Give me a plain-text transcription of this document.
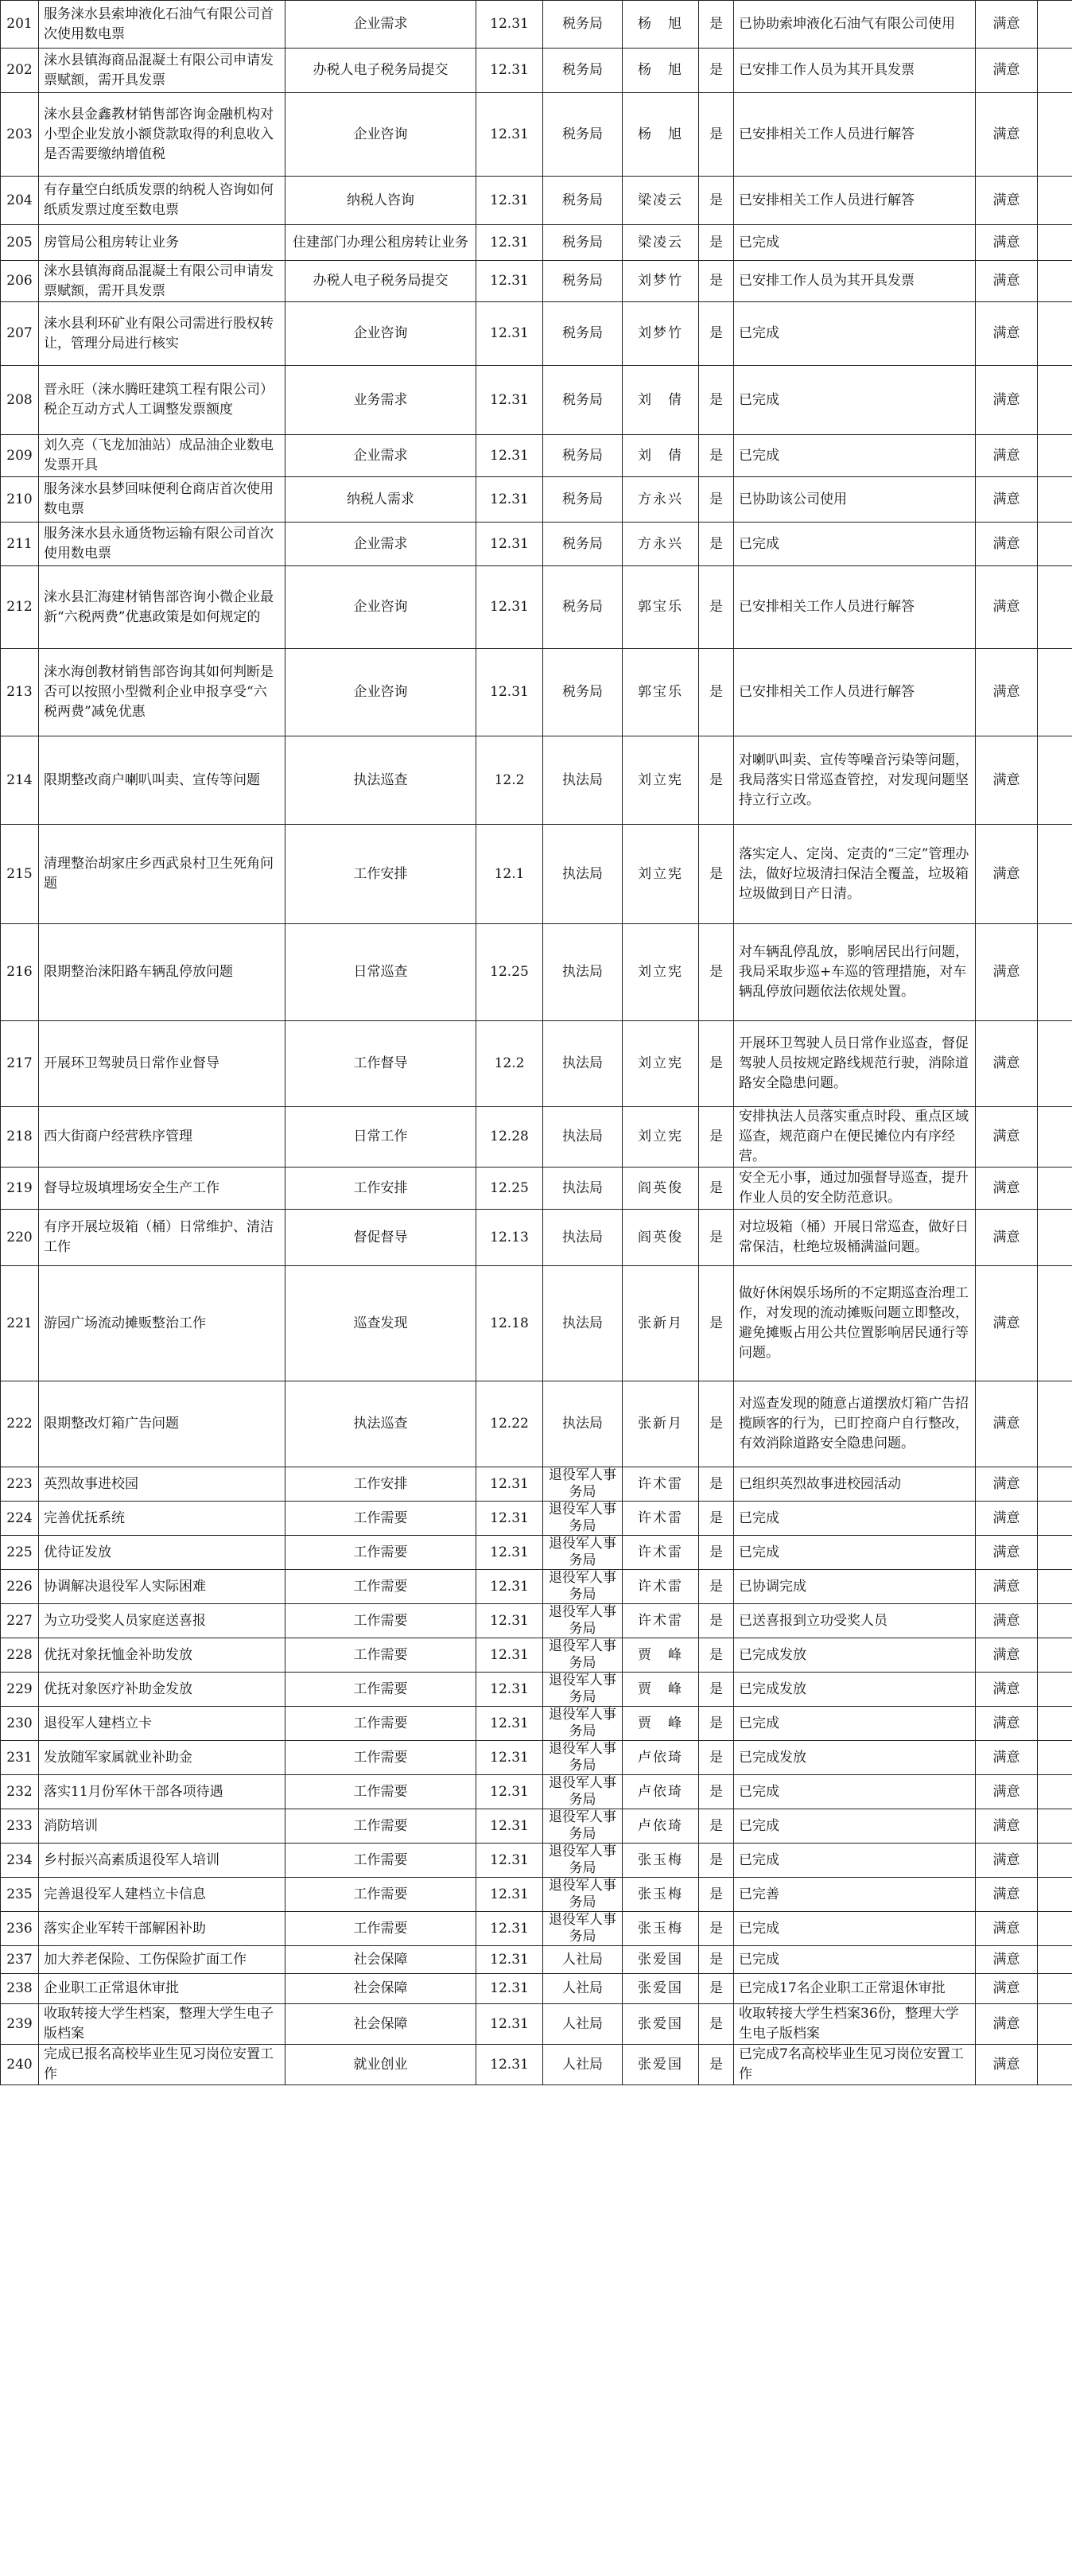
201	服务涞水县索坤液化石油气有限公司首次使用数电票	企业需求	12.31	税务局	杨　旭	是	已协助索坤液化石油气有限公司使用	满意	
202	涞水县镇海商品混凝土有限公司申请发票赋额，需开具发票	办税人电子税务局提交	12.31	税务局	杨　旭	是	已安排工作人员为其开具发票	满意	
203	涞水县金鑫教材销售部咨询金融机构对小型企业发放小额贷款取得的利息收入是否需要缴纳增值税	企业咨询	12.31	税务局	杨　旭	是	已安排相关工作人员进行解答	满意	
204	有存量空白纸质发票的纳税人咨询如何纸质发票过度至数电票	纳税人咨询	12.31	税务局	梁凌云	是	已安排相关工作人员进行解答	满意	
205	房管局公租房转让业务	住建部门办理公租房转让业务	12.31	税务局	梁凌云	是	已完成	满意	
206	涞水县镇海商品混凝土有限公司申请发票赋额，需开具发票	办税人电子税务局提交	12.31	税务局	刘梦竹	是	已安排工作人员为其开具发票	满意	
207	涞水县利环矿业有限公司需进行股权转让，管理分局进行核实	企业咨询	12.31	税务局	刘梦竹	是	已完成	满意	
208	晋永旺（涞水腾旺建筑工程有限公司）税企互动方式人工调整发票额度	业务需求	12.31	税务局	刘　倩	是	已完成	满意	
209	刘久亮（飞龙加油站）成品油企业数电发票开具	企业需求	12.31	税务局	刘　倩	是	已完成	满意	
210	服务涞水县梦回味便利仓商店首次使用数电票	纳税人需求	12.31	税务局	方永兴	是	已协助该公司使用	满意	
211	服务涞水县永通货物运输有限公司首次使用数电票	企业需求	12.31	税务局	方永兴	是	已完成	满意	
212	涞水县汇海建材销售部咨询小微企业最新“六税两费”优惠政策是如何规定的	企业咨询	12.31	税务局	郭宝乐	是	已安排相关工作人员进行解答	满意	
213	涞水海创教材销售部咨询其如何判断是否可以按照小型微利企业申报享受“六税两费”减免优惠	企业咨询	12.31	税务局	郭宝乐	是	已安排相关工作人员进行解答	满意	
214	限期整改商户喇叭叫卖、宣传等问题	执法巡查	12.2	执法局	刘立宪	是	对喇叭叫卖、宣传等噪音污染等问题，我局落实日常巡查管控，对发现问题坚持立行立改。	满意	
215	清理整治胡家庄乡西武泉村卫生死角问题	工作安排	12.1	执法局	刘立宪	是	落实定人、定岗、定责的“三定”管理办法，做好垃圾清扫保洁全覆盖，垃圾箱垃圾做到日产日清。	满意	
216	限期整治涞阳路车辆乱停放问题	日常巡查	12.25	执法局	刘立宪	是	对车辆乱停乱放，影响居民出行问题，我局采取步巡+车巡的管理措施，对车辆乱停放问题依法依规处置。	满意	
217	开展环卫驾驶员日常作业督导	工作督导	12.2	执法局	刘立宪	是	开展环卫驾驶人员日常作业巡查，督促驾驶人员按规定路线规范行驶，消除道路安全隐患问题。	满意	
218	西大街商户经营秩序管理	日常工作	12.28	执法局	刘立宪	是	安排执法人员落实重点时段、重点区域巡查，规范商户在便民摊位内有序经营。	满意	
219	督导垃圾填埋场安全生产工作	工作安排	12.25	执法局	阎英俊	是	安全无小事，通过加强督导巡查，提升作业人员的安全防范意识。	满意	
220	有序开展垃圾箱（桶）日常维护、清洁工作	督促督导	12.13	执法局	阎英俊	是	对垃圾箱（桶）开展日常巡查，做好日常保洁，杜绝垃圾桶满溢问题。	满意	
221	游园广场流动摊贩整治工作	巡查发现	12.18	执法局	张新月	是	做好休闲娱乐场所的不定期巡查治理工作，对发现的流动摊贩问题立即整改，避免摊贩占用公共位置影响居民通行等问题。	满意	
222	限期整改灯箱广告问题	执法巡查	12.22	执法局	张新月	是	对巡查发现的随意占道摆放灯箱广告招揽顾客的行为，已盯控商户自行整改，有效消除道路安全隐患问题。	满意	
223	英烈故事进校园	工作安排	12.31	退役军人事务局	许术雷	是	已组织英烈故事进校园活动	满意	
224	完善优抚系统	工作需要	12.31	退役军人事务局	许术雷	是	已完成	满意	
225	优待证发放	工作需要	12.31	退役军人事务局	许术雷	是	已完成	满意	
226	协调解决退役军人实际困难	工作需要	12.31	退役军人事务局	许术雷	是	已协调完成	满意	
227	为立功受奖人员家庭送喜报	工作需要	12.31	退役军人事务局	许术雷	是	已送喜报到立功受奖人员	满意	
228	优抚对象抚恤金补助发放	工作需要	12.31	退役军人事务局	贾　峰	是	已完成发放	满意	
229	优抚对象医疗补助金发放	工作需要	12.31	退役军人事务局	贾　峰	是	已完成发放	满意	
230	退役军人建档立卡	工作需要	12.31	退役军人事务局	贾　峰	是	已完成	满意	
231	发放随军家属就业补助金	工作需要	12.31	退役军人事务局	卢依琦	是	已完成发放	满意	
232	落实11月份军休干部各项待遇	工作需要	12.31	退役军人事务局	卢依琦	是	已完成	满意	
233	消防培训	工作需要	12.31	退役军人事务局	卢依琦	是	已完成	满意	
234	乡村振兴高素质退役军人培训	工作需要	12.31	退役军人事务局	张玉梅	是	已完成	满意	
235	完善退役军人建档立卡信息	工作需要	12.31	退役军人事务局	张玉梅	是	已完善	满意	
236	落实企业军转干部解困补助	工作需要	12.31	退役军人事务局	张玉梅	是	已完成	满意	
237	加大养老保险、工伤保险扩面工作	社会保障	12.31	人社局	张爱国	是	已完成	满意	
238	企业职工正常退休审批	社会保障	12.31	人社局	张爱国	是	已完成17名企业职工正常退休审批	满意	
239	收取转接大学生档案，整理大学生电子版档案	社会保障	12.31	人社局	张爱国	是	收取转接大学生档案36份，整理大学生电子版档案	满意	
240	完成已报名高校毕业生见习岗位安置工作	就业创业	12.31	人社局	张爱国	是	已完成7名高校毕业生见习岗位安置工作	满意	
